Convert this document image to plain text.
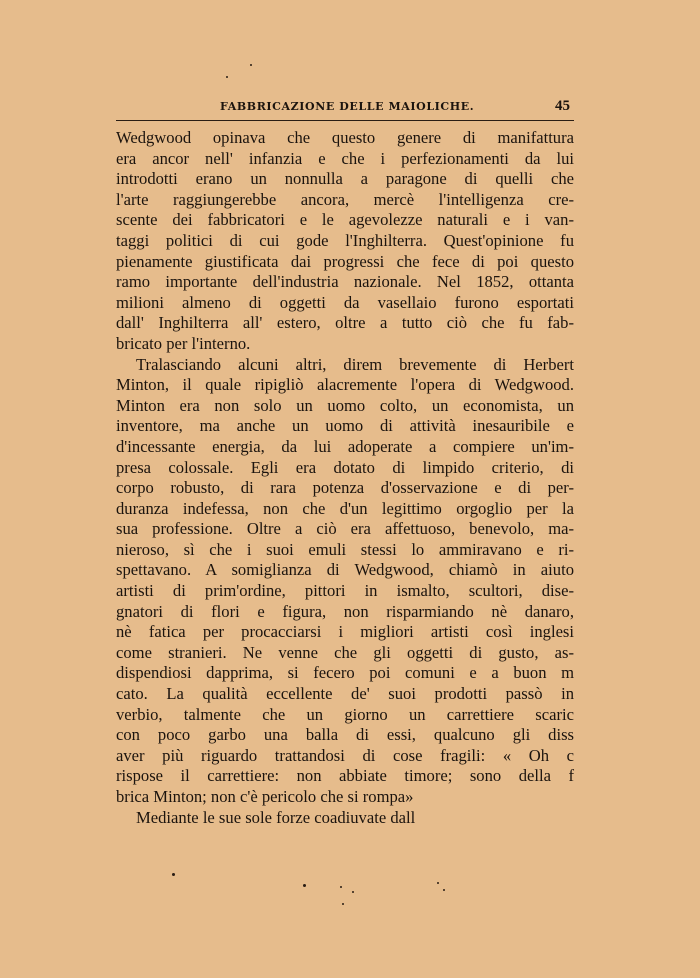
FABBRICAZIONE DELLE MAIOLICHE.	45
Wedgwood opinava che questo genere di manifattura
era ancor nell' infanzia e che i perfezionamenti da lui
introdotti erano un nonnulla a paragone di quelli che
l'arte raggiungerebbe ancora, mercè l'intelligenza cre-
scente dei fabbricatori e le agevolezze naturali e i van-
taggi politici di cui gode l'Inghilterra. Quest'opinione fu
pienamente giustificata dai progressi che fece di poi questo
ramo importante dell'industria nazionale. Nel 1852, ottanta
milioni almeno di oggetti da vasellaio furono esportati
dall' Inghilterra all' estero, oltre a tutto ciò che fu fab-
bricato per l'interno.
Tralasciando alcuni altri, direm brevemente di Herbert
Minton, il quale ripigliò alacremente l'opera di Wedgwood.
Minton era non solo un uomo colto, un economista, un
inventore, ma anche un uomo di attività inesauribile e
d'incessante energia, da lui adoperate a compiere un'im-
presa colossale. Egli era dotato di limpido criterio, di
corpo robusto, di rara potenza d'osservazione e di per-
duranza indefessa, non che d'un legittimo orgoglio per la
sua professione. Oltre a ciò era affettuoso, benevolo, ma-
nieroso, sì che i suoi emuli stessi lo ammiravano e ri-
spettavano. A somiglianza di Wedgwood, chiamò in aiuto
artisti di prim'ordine, pittori in ismalto, scultori, dise-
gnatori di flori e figura, non risparmiando nè danaro,
nè fatica per procacciarsi i migliori artisti così inglesi
come stranieri. Ne venne che gli oggetti di gusto, as-
dispendiosi dapprima, si fecero poi comuni e a buon m
cato. La qualità eccellente de' suoi prodotti passò in
verbio, talmente che un giorno un carrettiere scaric
con poco garbo una balla di essi, qualcuno gli diss
aver più riguardo trattandosi di cose fragili: « Oh c
rispose il carrettiere: non abbiate timore; sono della f
brica Minton; non c'è pericolo che si rompa»
Mediante le sue sole forze coadiuvate dall
